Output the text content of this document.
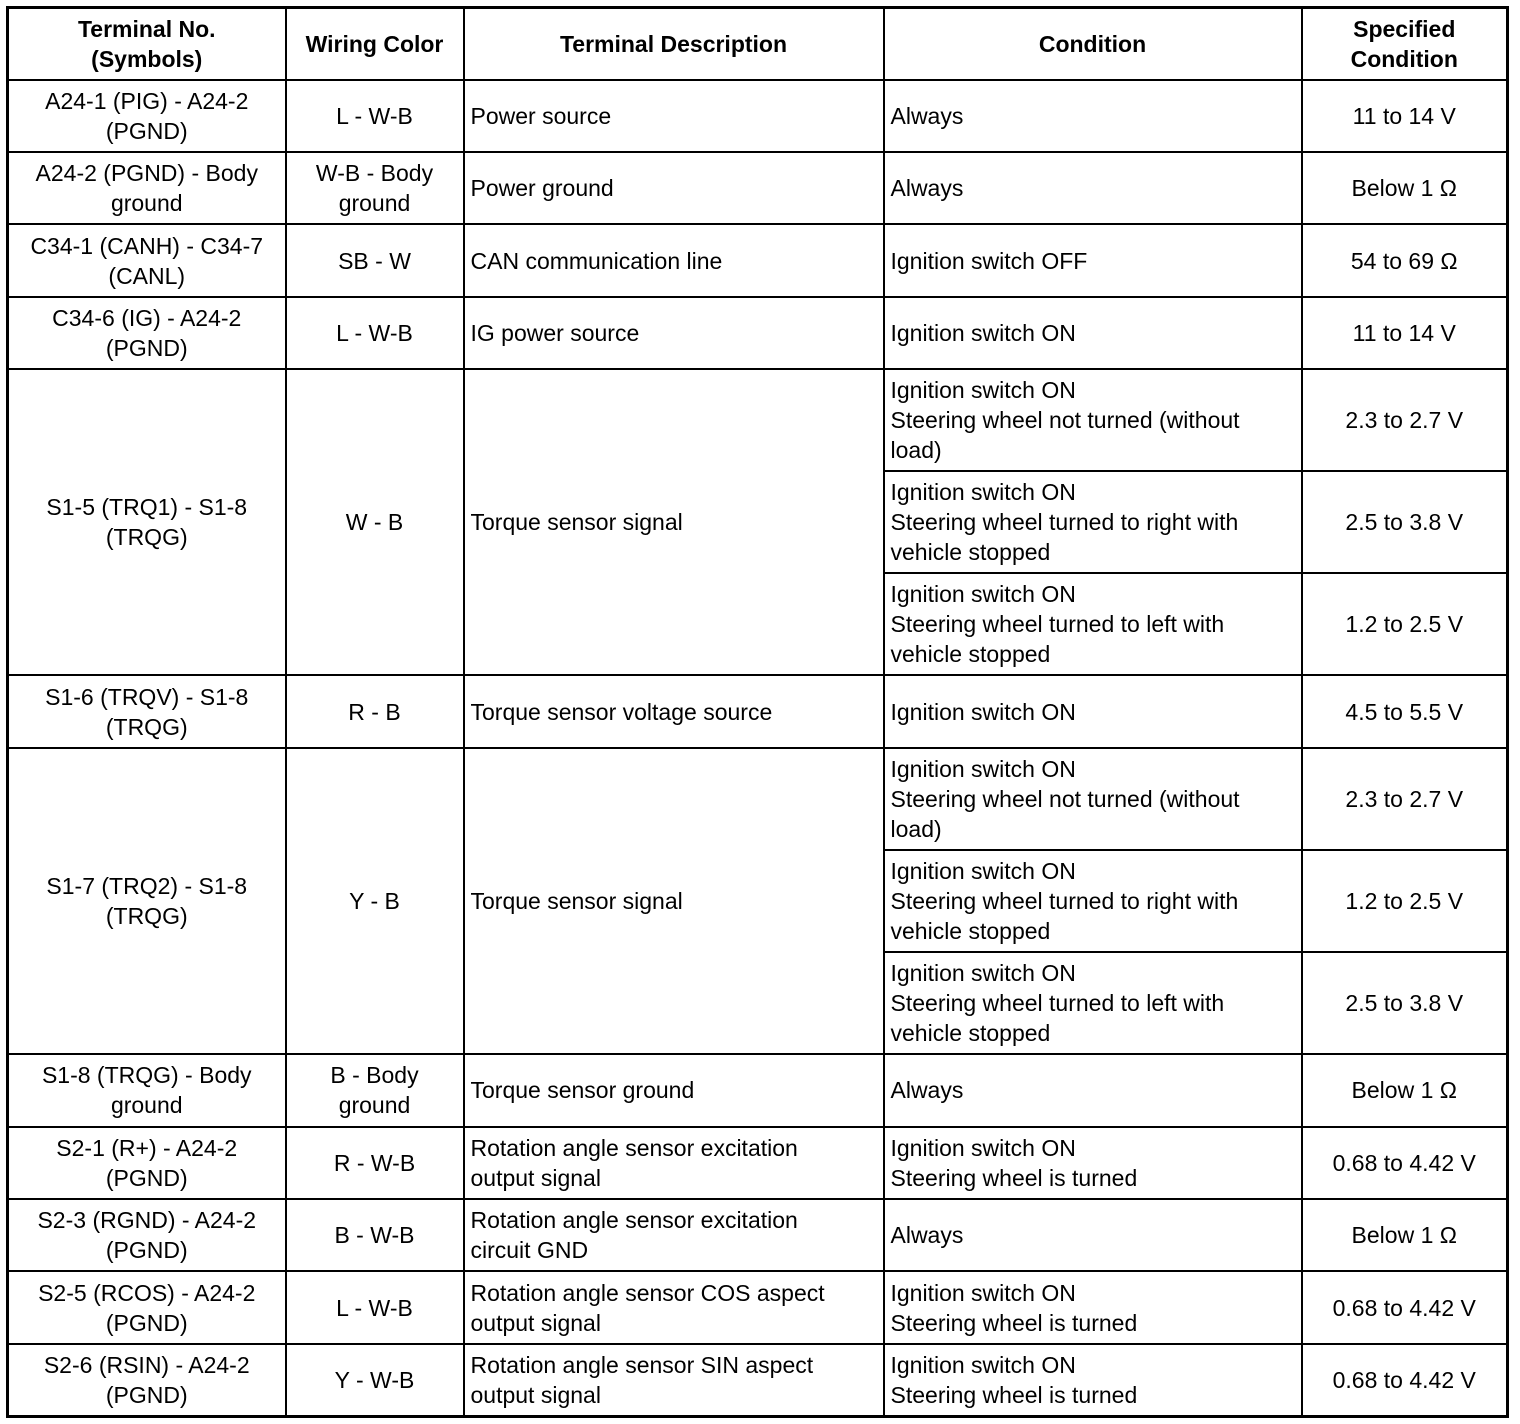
Terminal No.
(Symbols)	Wiring Color	Terminal Description	Condition	Specified
Condition
A24-1 (PIG) - A24-2
(PGND)	L - W-B	Power source	Always	11 to 14 V
A24-2 (PGND) - Body
ground	W-B - Body
ground	Power ground	Always	Below 1 Ω
C34-1 (CANH) - C34-7
(CANL)	SB - W	CAN communication line	Ignition switch OFF	54 to 69 Ω
C34-6 (IG) - A24-2
(PGND)	L - W-B	IG power source	Ignition switch ON	11 to 14 V
S1-5 (TRQ1) - S1-8
(TRQG)	W - B	Torque sensor signal	Ignition switch ON
Steering wheel not turned (without
load)	2.3 to 2.7 V
			Ignition switch ON
Steering wheel turned to right with
vehicle stopped	2.5 to 3.8 V
			Ignition switch ON
Steering wheel turned to left with
vehicle stopped	1.2 to 2.5 V
S1-6 (TRQV) - S1-8
(TRQG)	R - B	Torque sensor voltage source	Ignition switch ON	4.5 to 5.5 V
S1-7 (TRQ2) - S1-8
(TRQG)	Y - B	Torque sensor signal	Ignition switch ON
Steering wheel not turned (without
load)	2.3 to 2.7 V
			Ignition switch ON
Steering wheel turned to right with
vehicle stopped	1.2 to 2.5 V
			Ignition switch ON
Steering wheel turned to left with
vehicle stopped	2.5 to 3.8 V
S1-8 (TRQG) - Body
ground	B - Body
ground	Torque sensor ground	Always	Below 1 Ω
S2-1 (R+) - A24-2
(PGND)	R - W-B	Rotation angle sensor excitation
output signal	Ignition switch ON
Steering wheel is turned	0.68 to 4.42 V
S2-3 (RGND) - A24-2
(PGND)	B - W-B	Rotation angle sensor excitation
circuit GND	Always	Below 1 Ω
S2-5 (RCOS) - A24-2
(PGND)	L - W-B	Rotation angle sensor COS aspect
output signal	Ignition switch ON
Steering wheel is turned	0.68 to 4.42 V
S2-6 (RSIN) - A24-2
(PGND)	Y - W-B	Rotation angle sensor SIN aspect
output signal	Ignition switch ON
Steering wheel is turned	0.68 to 4.42 V
